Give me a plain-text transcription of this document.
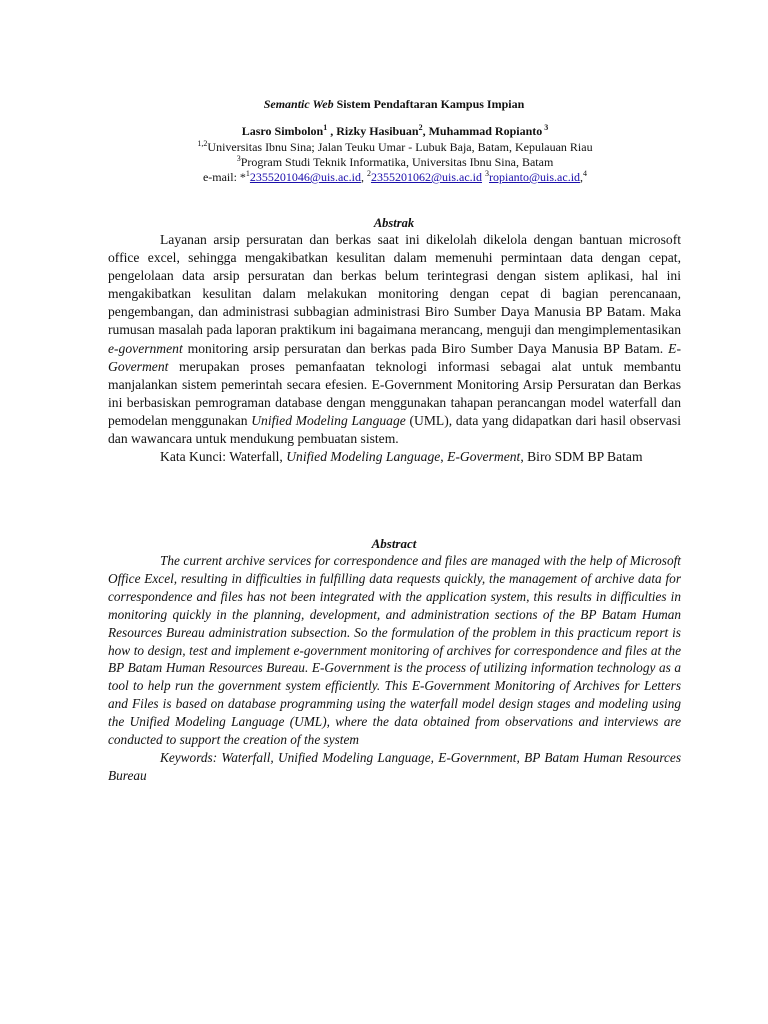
Semantic Web Sistem Pendaftaran Kampus Impian
Lasro Simbolon$^1$ , Rizky Hasibuan$^2$, Muhammad Ropianto $^3$
$^{1,2}$Universitas Ibnu Sina; Jalan Teuku Umar - Lubuk Baja, Batam, Kepulauan Riau
$^3$Program Studi Teknik Informatika, Universitas Ibnu Sina, Batam
e-mail: *$^1$2355201046@uis.ac.id, $^2$2355201062@uis.ac.id $^3$ropianto@uis.ac.id,$^4$
Abstrak

Layanan arsip persuratan dan berkas saat ini dikelolah dikelola dengan bantuan microsoft office excel, sehingga mengakibatkan kesulitan dalam memenuhi permintaan data dengan cepat, pengelolaan data arsip persuratan dan berkas belum terintegrasi dengan sistem aplikasi, hal ini mengakibatkan kesulitan dalam melakukan monitoring dengan cepat di bagian perencanaan, pengembangan, dan administrasi subbagian administrasi Biro Sumber Daya Manusia BP Batam. Maka rumusan masalah pada laporan praktikum ini bagaimana merancang, menguji dan mengimplementasikan e-government monitoring arsip persuratan dan berkas pada Biro Sumber Daya Manusia BP Batam. E-Goverment merupakan proses pemanfaatan teknologi informasi sebagai alat untuk membantu manjalankan sistem pemerintah secara efesien. E-Government Monitoring Arsip Persuratan dan Berkas ini berbasiskan pemrograman database dengan menggunakan tahapan perancangan model waterfall dan pemodelan menggunakan Unified Modeling Language (UML), data yang didapatkan dari hasil observasi dan wawancara untuk mendukung pembuatan sistem.

Kata Kunci: Waterfall, Unified Modeling Language, E-Goverment, Biro SDM BP Batam

Abstract

The current archive services for correspondence and files are managed with the help of Microsoft Office Excel, resulting in difficulties in fulfilling data requests quickly, the management of archive data for correspondence and files has not been integrated with the application system, this results in difficulties in monitoring quickly in the planning, development, and administration sections of the BP Batam Human Resources Bureau administration subsection. So the formulation of the problem in this practicum report is how to design, test and implement e-government monitoring of archives for correspondence and files at the BP Batam Human Resources Bureau. E-Government is the process of utilizing information technology as a tool to help run the government system efficiently. This E-Government Monitoring of Archives for Letters and Files is based on database programming using the waterfall model design stages and modeling using the Unified Modeling Language (UML), where the data obtained from observations and interviews are conducted to support the creation of the system

Keywords: Waterfall, Unified Modeling Language, E-Government, BP Batam Human Resources Bureau
